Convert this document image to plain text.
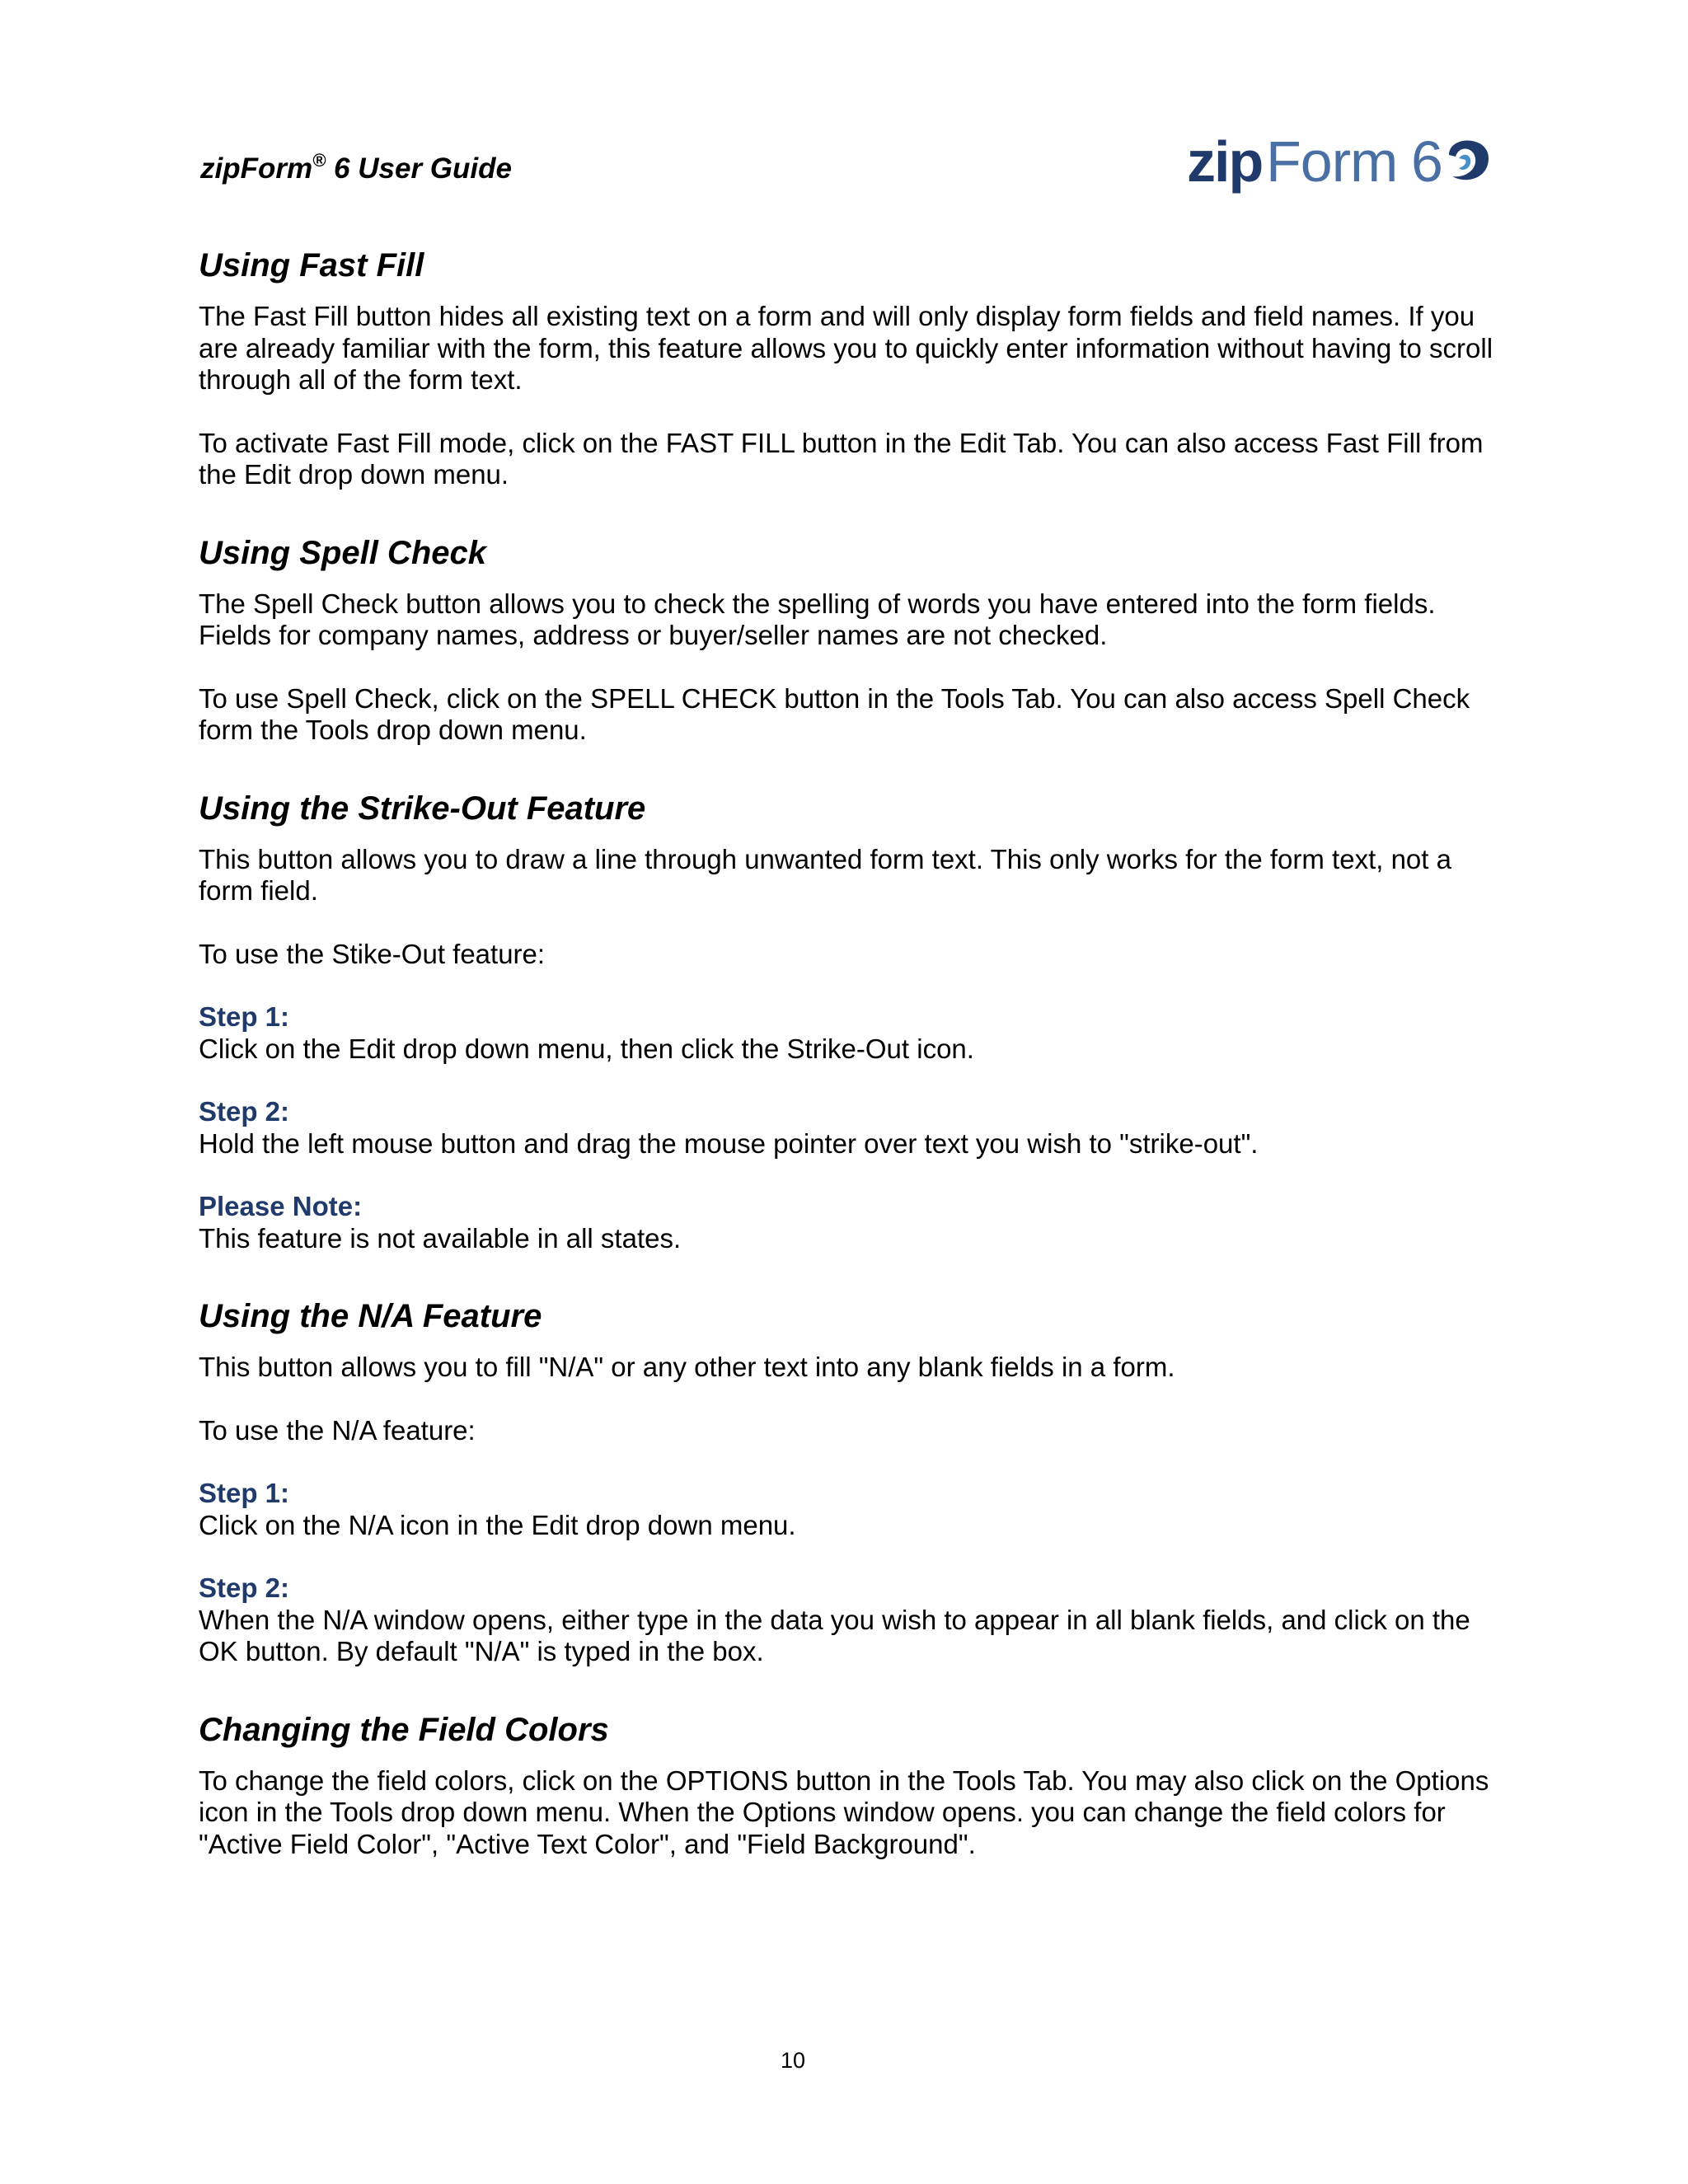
zipForm® 6 User Guide	zip Form 6
Using Fast Fill

The Fast Fill button hides all existing text on a form and will only display form fields and field names. If you are already familiar with the form, this feature allows you to quickly enter information without having to scroll through all of the form text.

To activate Fast Fill mode, click on the FAST FILL button in the Edit Tab. You can also access Fast Fill from the Edit drop down menu.

Using Spell Check

The Spell Check button allows you to check the spelling of words you have entered into the form fields. Fields for company names, address or buyer/seller names are not checked.

To use Spell Check, click on the SPELL CHECK button in the Tools Tab. You can also access Spell Check form the Tools drop down menu.

Using the Strike-Out Feature

This button allows you to draw a line through unwanted form text. This only works for the form text, not a form field.

To use the Stike-Out feature:

Step 1:
Click on the Edit drop down menu, then click the Strike-Out icon.
Step 2:
Hold the left mouse button and drag the mouse pointer over text you wish to "strike-out".
Please Note:
This feature is not available in all states.
Using the N/A Feature

This button allows you to fill "N/A" or any other text into any blank fields in a form.

To use the N/A feature:

Step 1:
Click on the N/A icon in the Edit drop down menu.
Step 2:
When the N/A window opens, either type in the data you wish to appear in all blank fields, and click on the OK button. By default "N/A" is typed in the box.
Changing the Field Colors

To change the field colors, click on the OPTIONS button in the Tools Tab. You may also click on the Options icon in the Tools drop down menu. When the Options window opens. you can change the field colors for "Active Field Color", "Active Text Color", and "Field Background".

10
